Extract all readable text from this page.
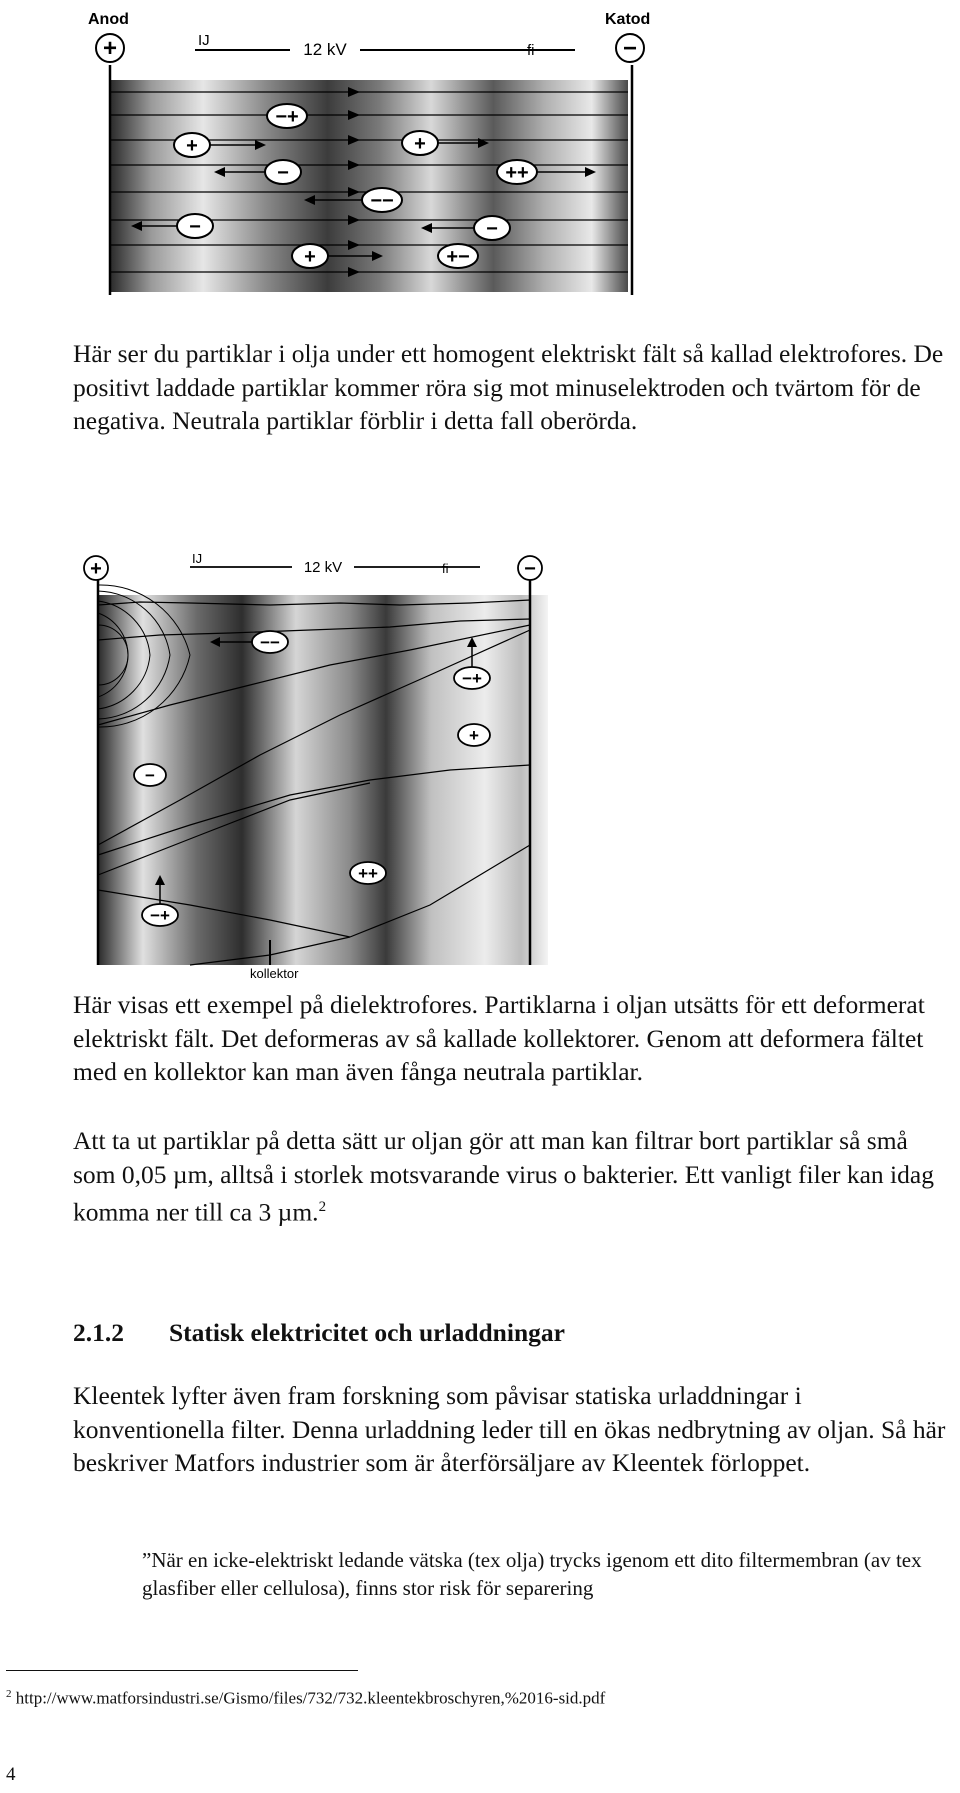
Anod	Katod
+	−
12 kV
IJ
fi
−+
+
−
+
++
−−
−	−
+	+−

Här ser du partiklar i olja under ett homogent elektriskt fält så kallad elektrofores. De positivt laddade partiklar kommer röra sig mot minuselektroden och tvärtom för de negativa. Neutrala partiklar förblir i detta fall oberörda.

+	−
12 kV
IJ
fi
kollektor
−−
−+
+
−
++
−+

Här visas ett exempel på dielektrofores. Partiklarna i oljan utsätts för ett deformerat elektriskt fält. Det deformeras av så kallade kollektorer. Genom att deformera fältet med en kollektor kan man även fånga neutrala partiklar.

Att ta ut partiklar på detta sätt ur oljan gör att man kan filtrar bort partiklar så små som 0,05 µm, alltså i storlek motsvarande virus o bakterier. Ett vanligt filer kan idag komma ner till ca 3 µm.$^2$

2.1.2 Statisk elektricitet och urladdningar

Kleentek lyfter även fram forskning som påvisar statiska urladdningar i konventionella filter. Denna urladdning leder till en ökas nedbrytning av oljan. Så här beskriver Matfors industrier som är återförsäljare av Kleentek förloppet.

”När en icke-elektriskt ledande vätska (tex olja) trycks igenom ett dito filtermembran (av tex glasfiber eller cellulosa), finns stor risk för separering

$^2$ http://www.matforsindustri.se/Gismo/files/732/732.kleentekbroschyren,%2016-sid.pdf

4
